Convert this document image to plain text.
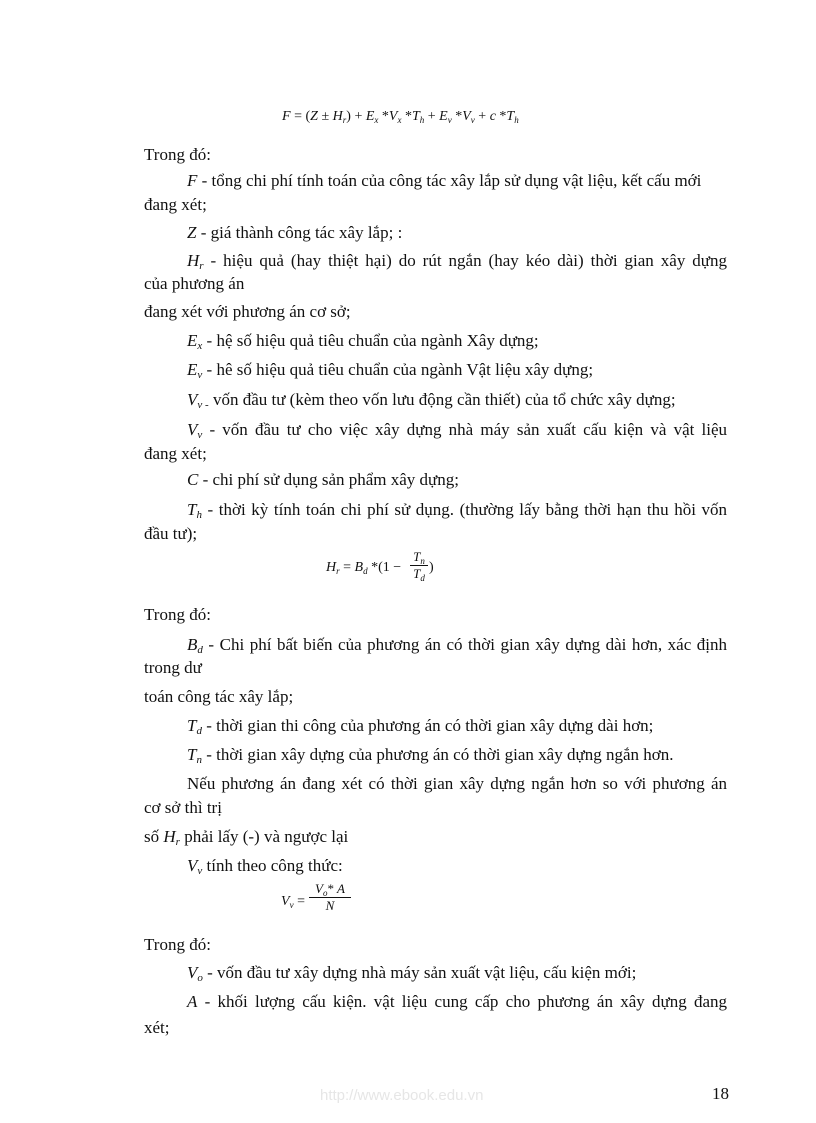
$F = (Z \pm H_r) + E_x$ $*V_x$ $*T_h + E_v$ $*V_v + c$ $*T_h$
Trong đó:
F - tổng chi phí tính toán của công tác xây lắp sử dụng vật liệu, kết cấu mới
đang xét;
Z - giá thành công tác xây lắp; :
$H_r$ - hiệu quả (hay thiệt hại) do rút ngắn (hay kéo dài) thời gian xây dựng
của phương án
đang xét với phương án cơ sở;
$E_x$ - hệ số hiệu quả tiêu chuẩn của ngành Xây dựng;
$E_v$ - hê số hiệu quả tiêu chuẩn của ngành Vật liệu xây dựng;
$V_{v -}$ vốn đầu tư (kèm theo vốn lưu động cần thiết) của tổ chức xây dựng;
$V_v$ - vốn đầu tư cho việc xây dựng nhà máy sản xuất cấu kiện và vật liệu
đang xét;
C - chi phí sử dụng sản phẩm xây dựng;
$T_h$ - thời kỳ tính toán chi phí sử dụng. (thường lấy bằng thời hạn thu hồi vốn
đầu tư);
$H_r = B_d$ *(1 −
$T_n$
$T_d$
)
Trong đó:
$B_d$ - Chi phí bất biến của phương án có thời gian xây dựng dài hơn, xác định
trong dư
toán công tác xây lắp;
$T_d$ - thời gian thi công của phương án có thời gian xây dựng dài hơn;
$T_n$ - thời gian xây dựng của phương án có thời gian xây dựng ngắn hơn.
Nếu phương án đang xét có thời gian xây dựng ngắn hơn so với phương án
cơ sở thì trị
số $H_r$ phải lấy (-) và ngược lại
$V_v$ tính theo công thức:
$V_v$ =
$V_o*$ A
N
Trong đó:
$V_o$ - vốn đầu tư xây dựng nhà máy sản xuất vật liệu, cấu kiện mới;
A - khối lượng cấu kiện. vật liệu cung cấp cho phương án xây dựng đang
xét;
http://www.ebook.edu.vn	18
